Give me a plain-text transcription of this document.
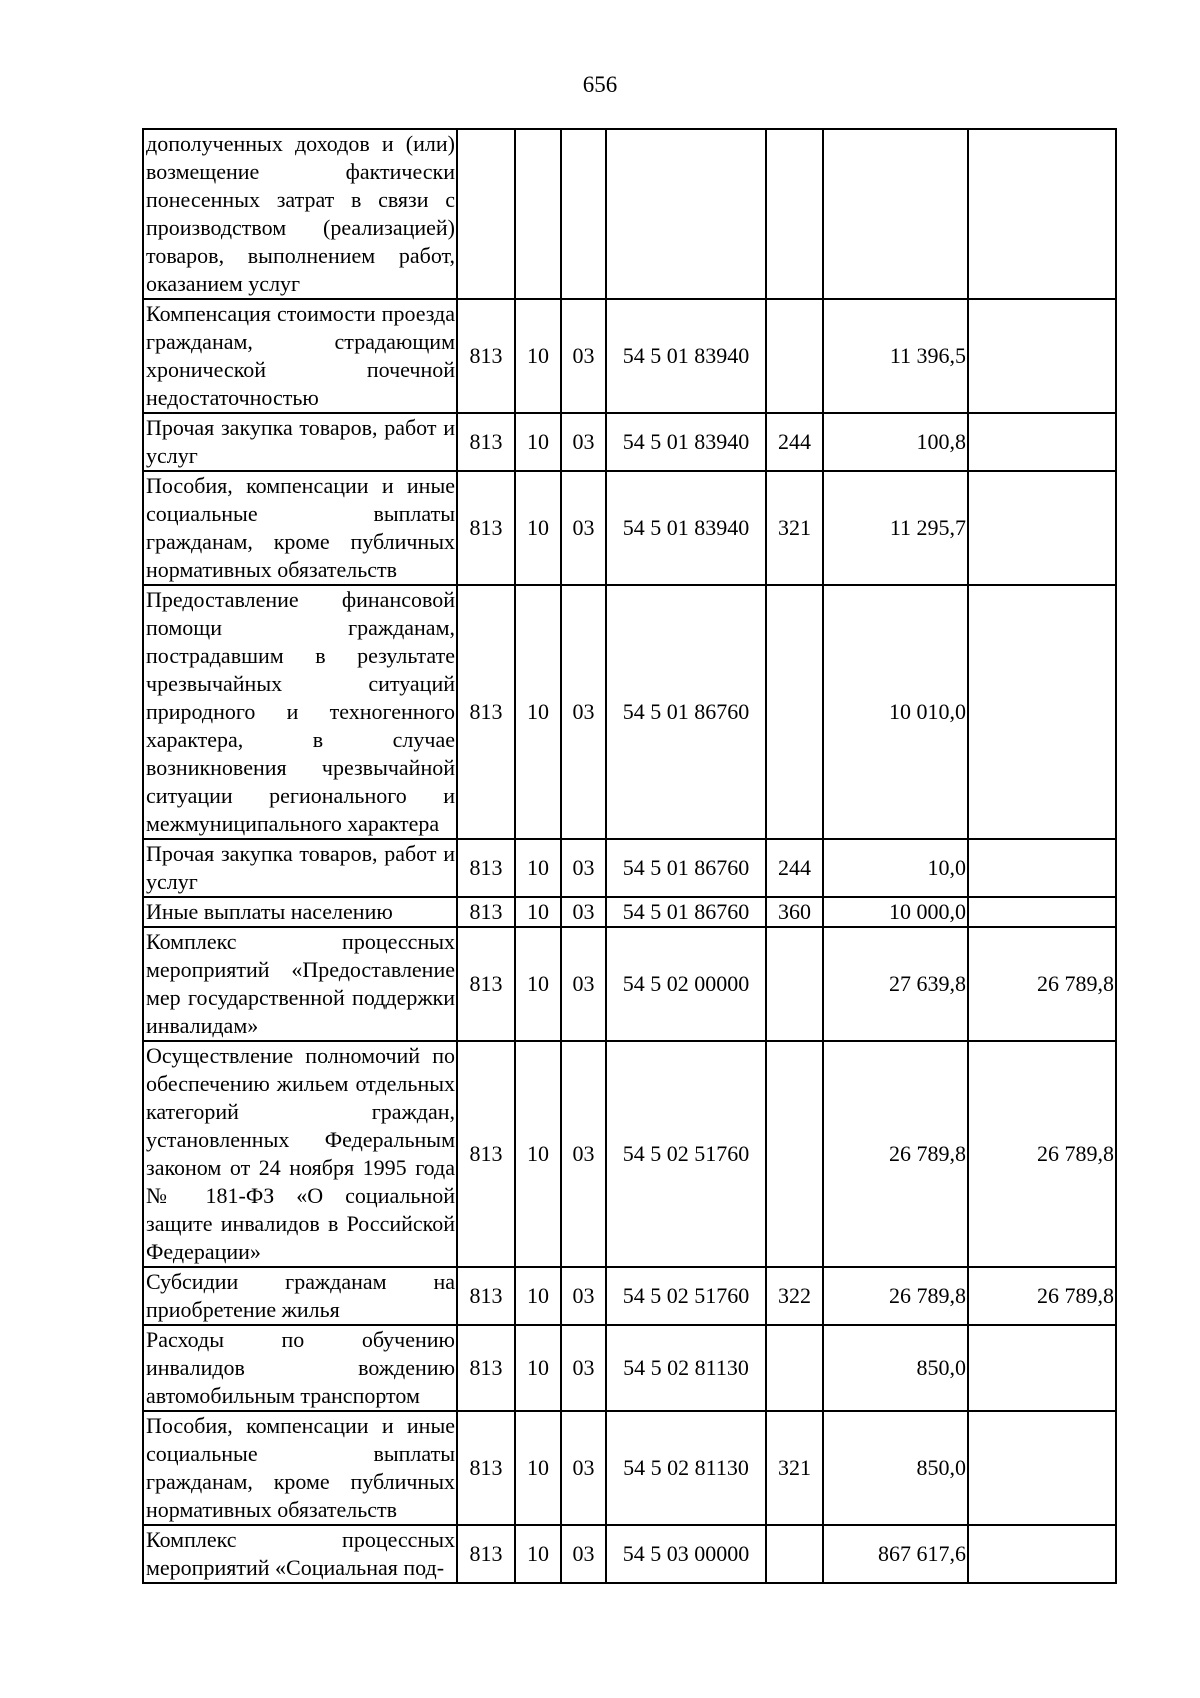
656
дополученных доходов и (или) возмещение фактически понесенных затрат в связи с производством (реализацией) товаров, выполнением работ, оказанием услуг							
Компенсация стоимости проезда гражданам, страдающим хронической почечной недостаточностью	813	10	03	54 5 01 83940		11 396,5	
Прочая закупка товаров, работ и услуг	813	10	03	54 5 01 83940	244	100,8	
Пособия, компенсации и иные социальные выплаты гражданам, кроме публичных нормативных обязательств	813	10	03	54 5 01 83940	321	11 295,7	
Предоставление финансовой помощи гражданам, пострадавшим в результате чрезвычайных ситуаций природного и техногенного характера, в случае возникновения чрезвычайной ситуации регионального и межмуниципального характера	813	10	03	54 5 01 86760		10 010,0	
Прочая закупка товаров, работ и услуг	813	10	03	54 5 01 86760	244	10,0	
Иные выплаты населению	813	10	03	54 5 01 86760	360	10 000,0	
Комплекс процессных мероприятий «Предоставление мер государственной поддержки инвалидам»	813	10	03	54 5 02 00000		27 639,8	26 789,8
Осуществление полномочий по обеспечению жильем отдельных категорий граждан, установленных Федеральным законом от 24 ноября 1995 года № 181-ФЗ «О социальной защите инвалидов в Российской Федерации»	813	10	03	54 5 02 51760		26 789,8	26 789,8
Субсидии гражданам на приобретение жилья	813	10	03	54 5 02 51760	322	26 789,8	26 789,8
Расходы по обучению инвалидов вождению автомобильным транспортом	813	10	03	54 5 02 81130		850,0	
Пособия, компенсации и иные социальные выплаты гражданам, кроме публичных нормативных обязательств	813	10	03	54 5 02 81130	321	850,0	
Комплекс процессных мероприятий «Социальная под-	813	10	03	54 5 03 00000		867 617,6	
